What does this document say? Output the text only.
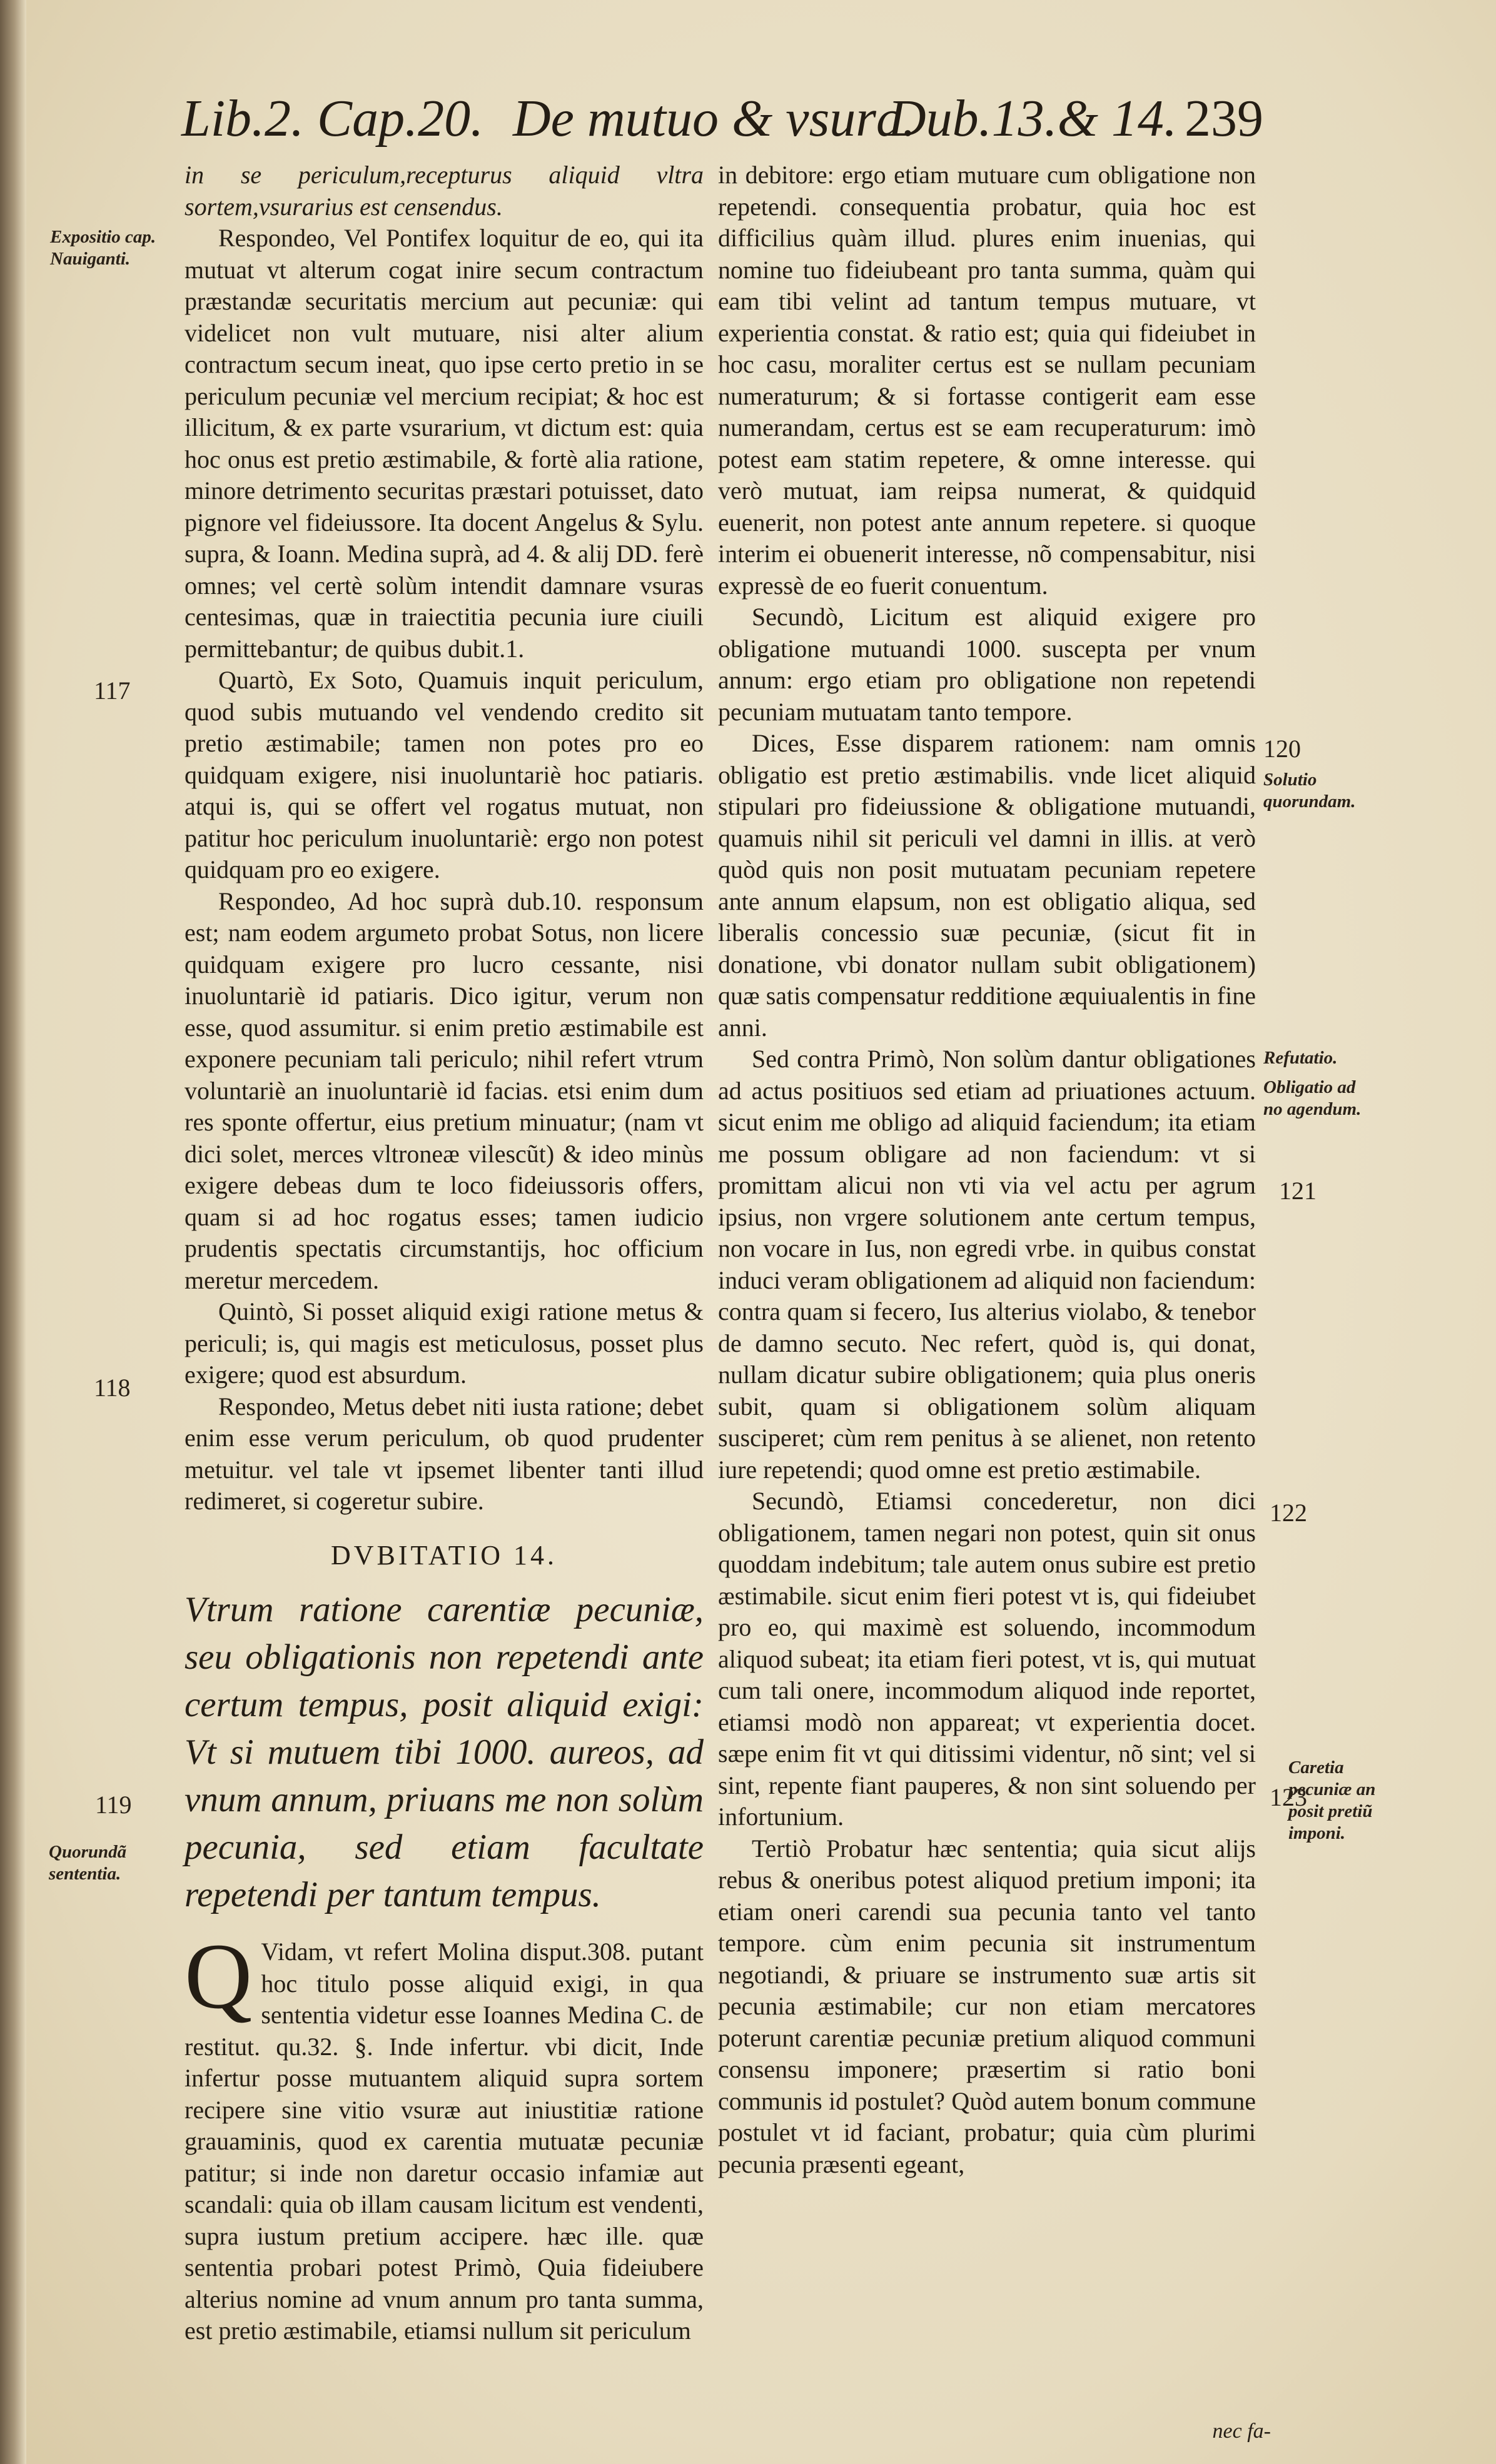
Lib.2. Cap.20. De mutuo & vsura.
Dub.13.& 14. 239

in se periculum,recepturus aliquid vltra sortem,vsurarius est censendus.

Respondeo, Vel Pontifex loquitur de eo, qui ita mutuat vt alterum cogat inire secum contractum præstandæ securitatis mercium aut pecuniæ: qui videlicet non vult mutuare, nisi alter alium contractum secum ineat, quo ipse certo pretio in se periculum pecuniæ vel mercium recipiat; & hoc est illicitum, & ex parte vsurarium, vt dictum est: quia hoc onus est pretio æstimabile, & fortè alia ratione, minore detrimento securitas præstari potuisset, dato pignore vel fideiussore. Ita docent Angelus & Sylu. supra, & Ioann. Medina suprà, ad 4. & alij DD. ferè omnes; vel certè solùm intendit damnare vsuras centesimas, quæ in traiectitia pecunia iure ciuili permittebantur; de quibus dubit.1.

Quartò, Ex Soto, Quamuis inquit periculum, quod subis mutuando vel vendendo credito sit pretio æstimabile; tamen non potes pro eo quidquam exigere, nisi inuoluntariè hoc patiaris. atqui is, qui se offert vel rogatus mutuat, non patitur hoc periculum inuoluntariè: ergo non potest quidquam pro eo exigere.

Respondeo, Ad hoc suprà dub.10. responsum est; nam eodem argumeto probat Sotus, non licere quidquam exigere pro lucro cessante, nisi inuoluntariè id patiaris. Dico igitur, verum non esse, quod assumitur. si enim pretio æstimabile est exponere pecuniam tali periculo; nihil refert vtrum voluntariè an inuoluntariè id facias. etsi enim dum res sponte offertur, eius pretium minuatur; (nam vt dici solet, merces vltroneæ vilescũt) & ideo minùs exigere debeas dum te loco fideiussoris offers, quam si ad hoc rogatus esses; tamen iudicio prudentis spectatis circumstantijs, hoc officium meretur mercedem.

Quintò, Si posset aliquid exigi ratione metus & periculi; is, qui magis est meticulosus, posset plus exigere; quod est absurdum.

Respondeo, Metus debet niti iusta ratione; debet enim esse verum periculum, ob quod prudenter metuitur. vel tale vt ipsemet libenter tanti illud redimeret, si cogeretur subire.

DVBITATIO 14.
Vtrum ratione carentiæ pecuniæ, seu obligationis non repetendi ante certum tempus, posit aliquid exigi: Vt si mutuem tibi 1000. aureos, ad vnum annum, priuans me non solùm pecunia, sed etiam facultate repetendi per tantum tempus.

Q Vidam, vt refert Molina disput.308. putant hoc titulo posse aliquid exigi, in qua sententia videtur esse Ioannes Medina C. de restitut. qu.32. §. Inde infertur. vbi dicit, Inde infertur posse mutuantem aliquid supra sortem recipere sine vitio vsuræ aut iniustitiæ ratione grauaminis, quod ex carentia mutuatæ pecuniæ patitur; si inde non daretur occasio infamiæ aut scandali: quia ob illam causam licitum est vendenti, supra iustum pretium accipere. hæc ille. quæ sententia probari potest Primò, Quia fideiubere alterius nomine ad vnum annum pro tanta summa, est pretio æstimabile, etiamsi nullum sit periculum

in debitore: ergo etiam mutuare cum obligatione non repetendi. consequentia probatur, quia hoc est difficilius quàm illud. plures enim inuenias, qui nomine tuo fideiubeant pro tanta summa, quàm qui eam tibi velint ad tantum tempus mutuare, vt experientia constat. & ratio est; quia qui fideiubet in hoc casu, moraliter certus est se nullam pecuniam numeraturum; & si fortasse contigerit eam esse numerandam, certus est se eam recuperaturum: imò potest eam statim repetere, & omne interesse. qui verò mutuat, iam reipsa numerat, & quidquid euenerit, non potest ante annum repetere. si quoque interim ei obuenerit interesse, nõ compensabitur, nisi expressè de eo fuerit conuentum.

Secundò, Licitum est aliquid exigere pro obligatione mutuandi 1000. suscepta per vnum annum: ergo etiam pro obligatione non repetendi pecuniam mutuatam tanto tempore.

Dices, Esse disparem rationem: nam omnis obligatio est pretio æstimabilis. vnde licet aliquid stipulari pro fideiussione & obligatione mutuandi, quamuis nihil sit periculi vel damni in illis. at verò quòd quis non posit mutuatam pecuniam repetere ante annum elapsum, non est obligatio aliqua, sed liberalis concessio suæ pecuniæ, (sicut fit in donatione, vbi donator nullam subit obligationem) quæ satis compensatur redditione æquiualentis in fine anni.

Sed contra Primò, Non solùm dantur obligationes ad actus positiuos sed etiam ad priuationes actuum. sicut enim me obligo ad aliquid faciendum; ita etiam me possum obligare ad non faciendum: vt si promittam alicui non vti via vel actu per agrum ipsius, non vrgere solutionem ante certum tempus, non vocare in Ius, non egredi vrbe. in quibus constat induci veram obligationem ad aliquid non faciendum: contra quam si fecero, Ius alterius violabo, & tenebor de damno secuto. Nec refert, quòd is, qui donat, nullam dicatur subire obligationem; quia plus oneris subit, quam si obligationem solùm aliquam susciperet; cùm rem penitus à se alienet, non retento iure repetendi; quod omne est pretio æstimabile.

Secundò, Etiamsi concederetur, non dici obligationem, tamen negari non potest, quin sit onus quoddam indebitum; tale autem onus subire est pretio æstimabile. sicut enim fieri potest vt is, qui fideiubet pro eo, qui maximè est soluendo, incommodum aliquod subeat; ita etiam fieri potest, vt is, qui mutuat cum tali onere, incommodum aliquod inde reportet, etiamsi modò non appareat; vt experientia docet. sæpe enim fit vt qui ditissimi videntur, nõ sint; vel si sint, repente fiant pauperes, & non sint soluendo per infortunium.

Tertiò Probatur hæc sententia; quia sicut alijs rebus & oneribus potest aliquod pretium imponi; ita etiam oneri carendi sua pecunia tanto vel tanto tempore. cùm enim pecunia sit instrumentum negotiandi, & priuare se instrumento suæ artis sit pecunia æstimabile; cur non etiam mercatores poterunt carentiæ pecuniæ pretium aliquod communi consensu imponere; præsertim si ratio boni communis id postulet? Quòd autem bonum commune postulet vt id faciant, probatur; quia cùm plurimi pecunia præsenti egeant,

nec fa-
Expositio cap. Nauiganti.
Quorundã sententia.
Solutio quorundam.
Refutatio.
Obligatio ad no agendum.
Caretia pecuniæ an posit pretiũ imponi.
117
118
119
120
121
122
123
